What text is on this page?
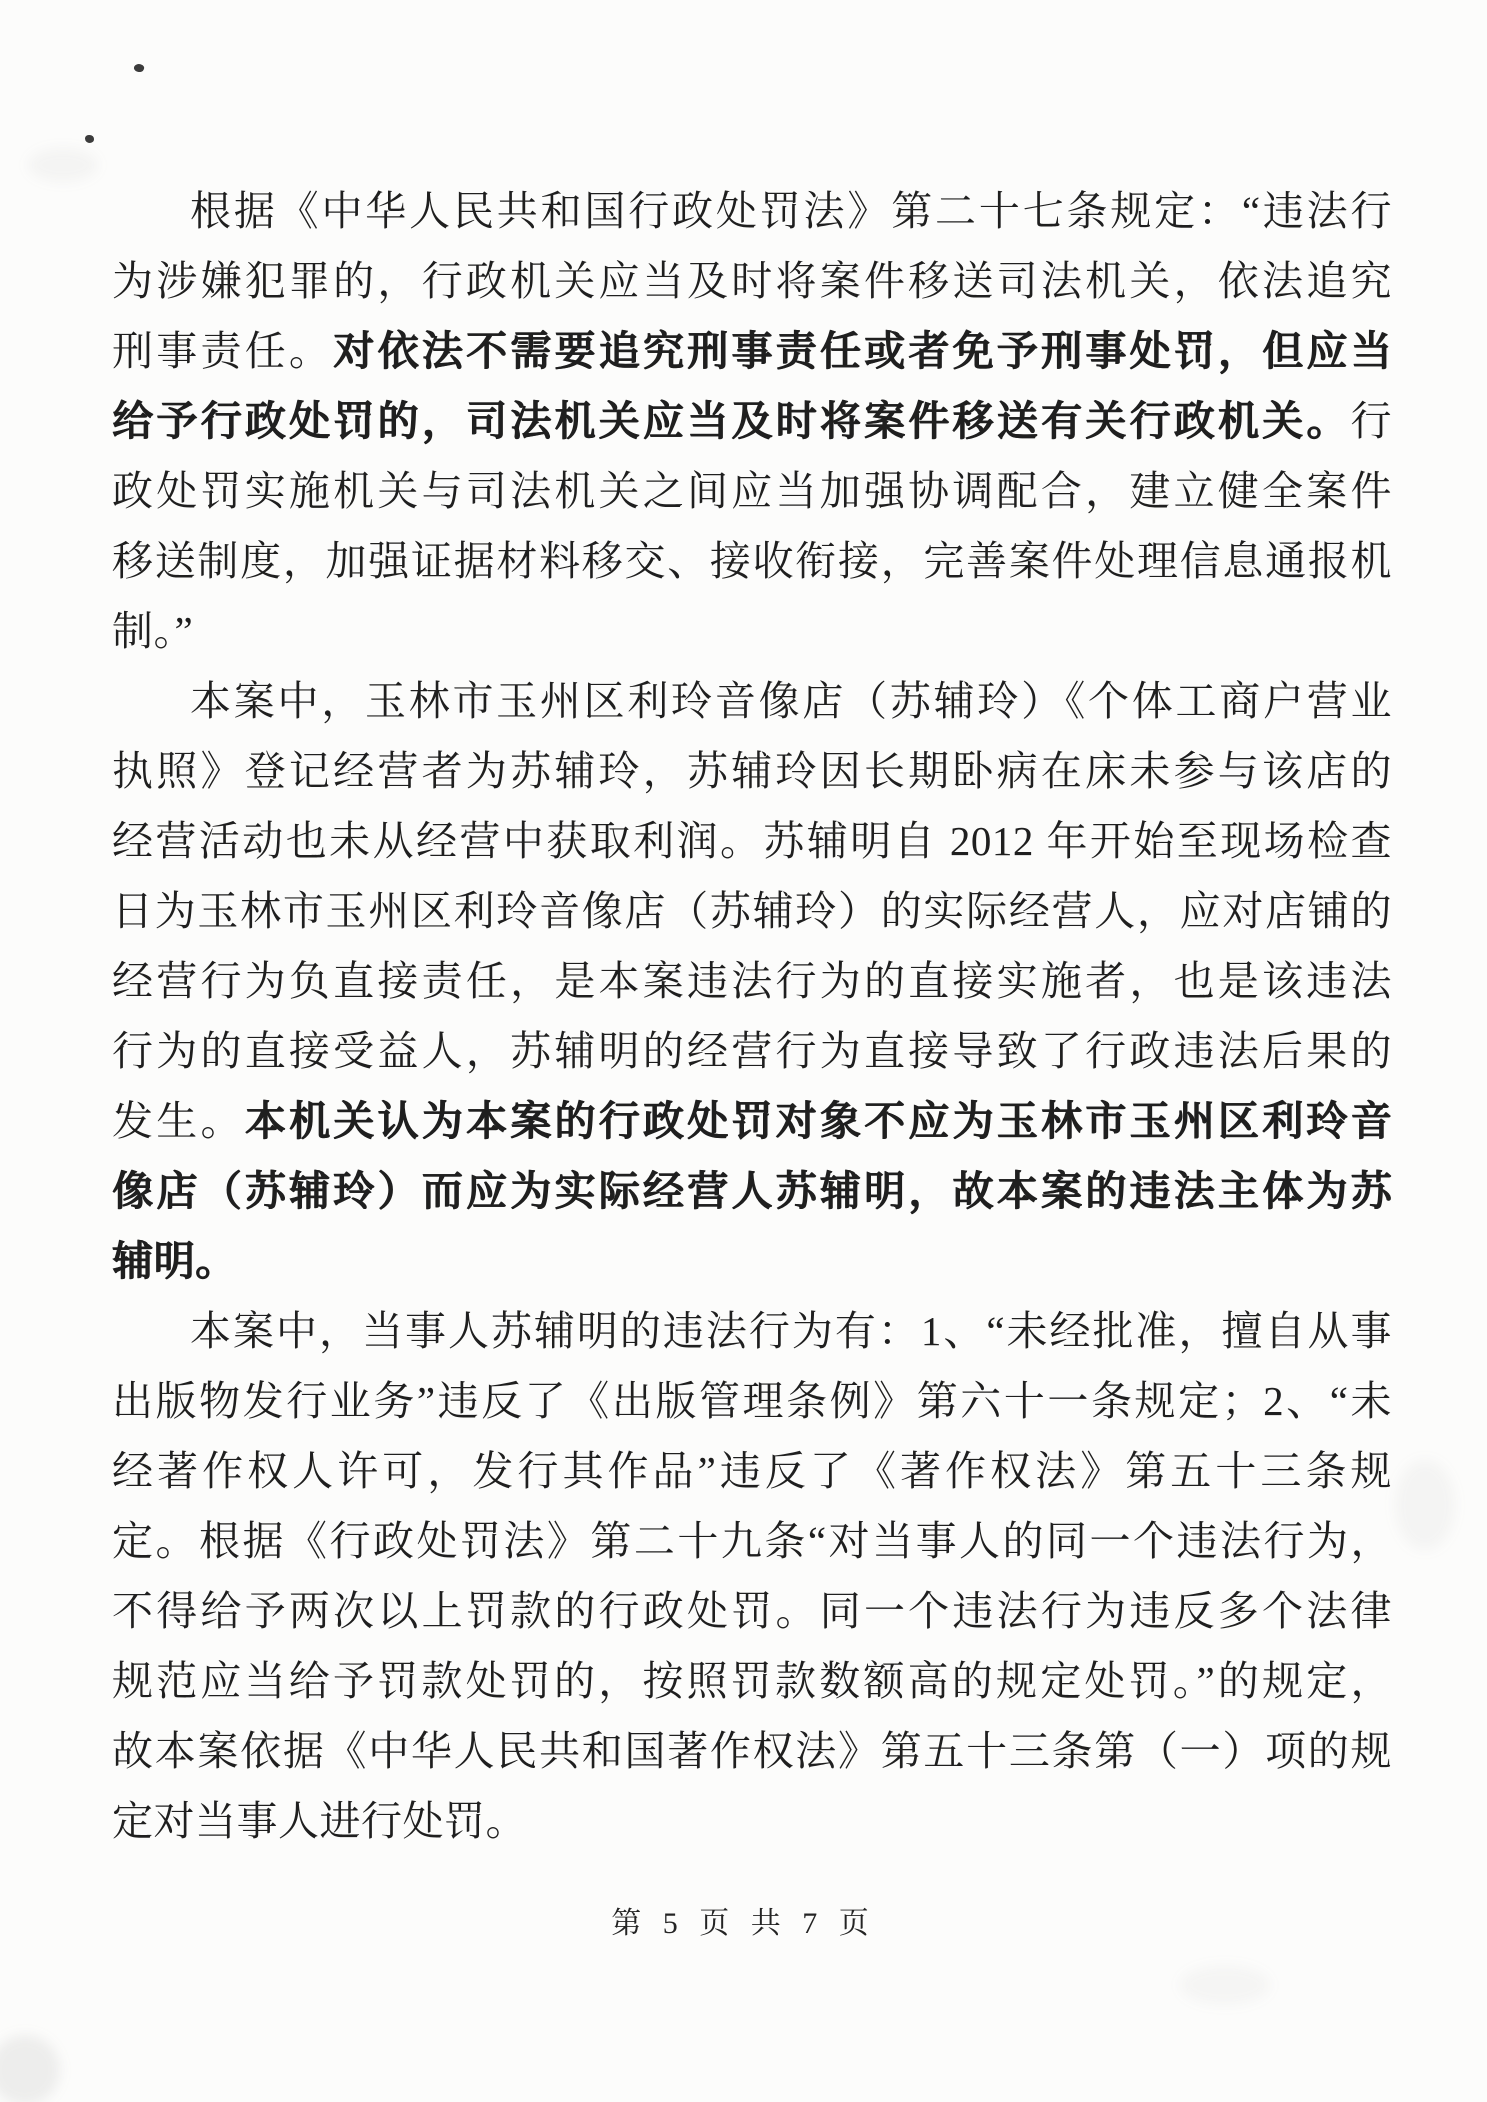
根据《中华人民共和国行政处罚法》第二十七条规定：“违法行
为涉嫌犯罪的，行政机关应当及时将案件移送司法机关，依法追究
刑事责任。对依法不需要追究刑事责任或者免予刑事处罚，但应当
给予行政处罚的，司法机关应当及时将案件移送有关行政机关。行
政处罚实施机关与司法机关之间应当加强协调配合，建立健全案件
移送制度，加强证据材料移交、接收衔接，完善案件处理信息通报机
制。”
本案中，玉林市玉州区利玲音像店（苏辅玲）《个体工商户营业
执照》登记经营者为苏辅玲，苏辅玲因长期卧病在床未参与该店的
经营活动也未从经营中获取利润。苏辅明自 2012 年开始至现场检查
日为玉林市玉州区利玲音像店（苏辅玲）的实际经营人，应对店铺的
经营行为负直接责任，是本案违法行为的直接实施者，也是该违法
行为的直接受益人，苏辅明的经营行为直接导致了行政违法后果的
发生。本机关认为本案的行政处罚对象不应为玉林市玉州区利玲音
像店（苏辅玲）而应为实际经营人苏辅明，故本案的违法主体为苏
辅明。
本案中，当事人苏辅明的违法行为有：1、“未经批准，擅自从事
出版物发行业务”违反了《出版管理条例》第六十一条规定；2、“未
经著作权人许可，发行其作品”违反了《著作权法》第五十三条规
定。根据《行政处罚法》第二十九条“对当事人的同一个违法行为，
不得给予两次以上罚款的行政处罚。同一个违法行为违反多个法律
规范应当给予罚款处罚的，按照罚款数额高的规定处罚。”的规定，
故本案依据《中华人民共和国著作权法》第五十三条第（一）项的规
定对当事人进行处罚。
第 5 页 共 7 页
